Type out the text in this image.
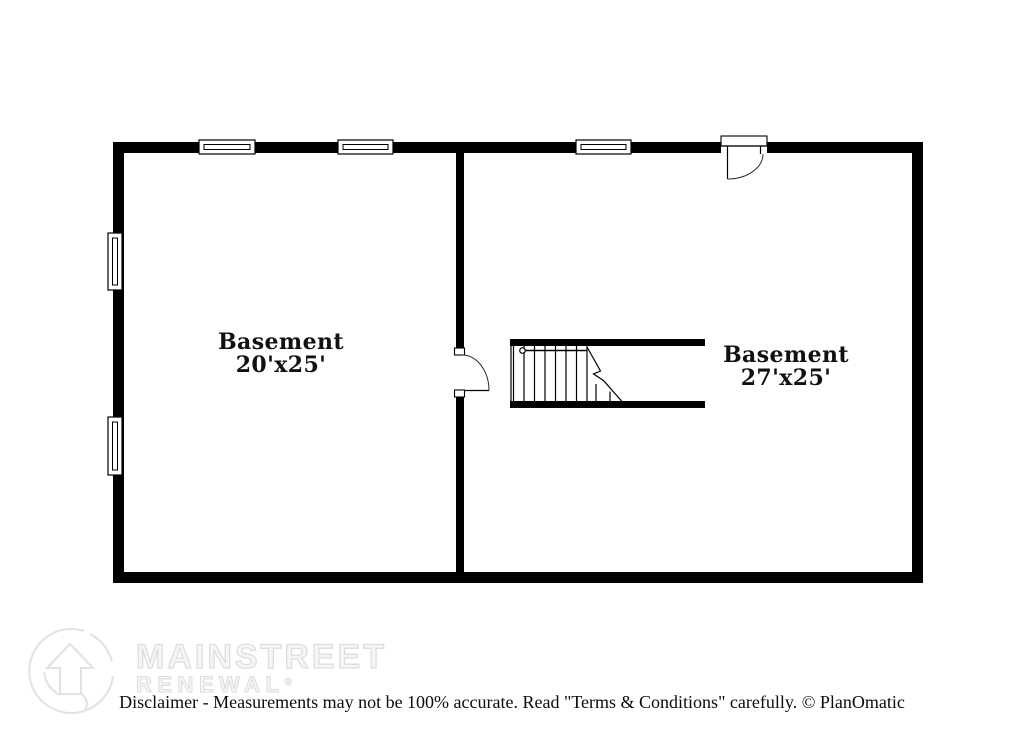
Basement
20'x25'	Basement
27'x25'
MAINSTREET
RENEWAL®
Disclaimer - Measurements may not be 100% accurate. Read "Terms & Conditions" carefully. © PlanOmatic
